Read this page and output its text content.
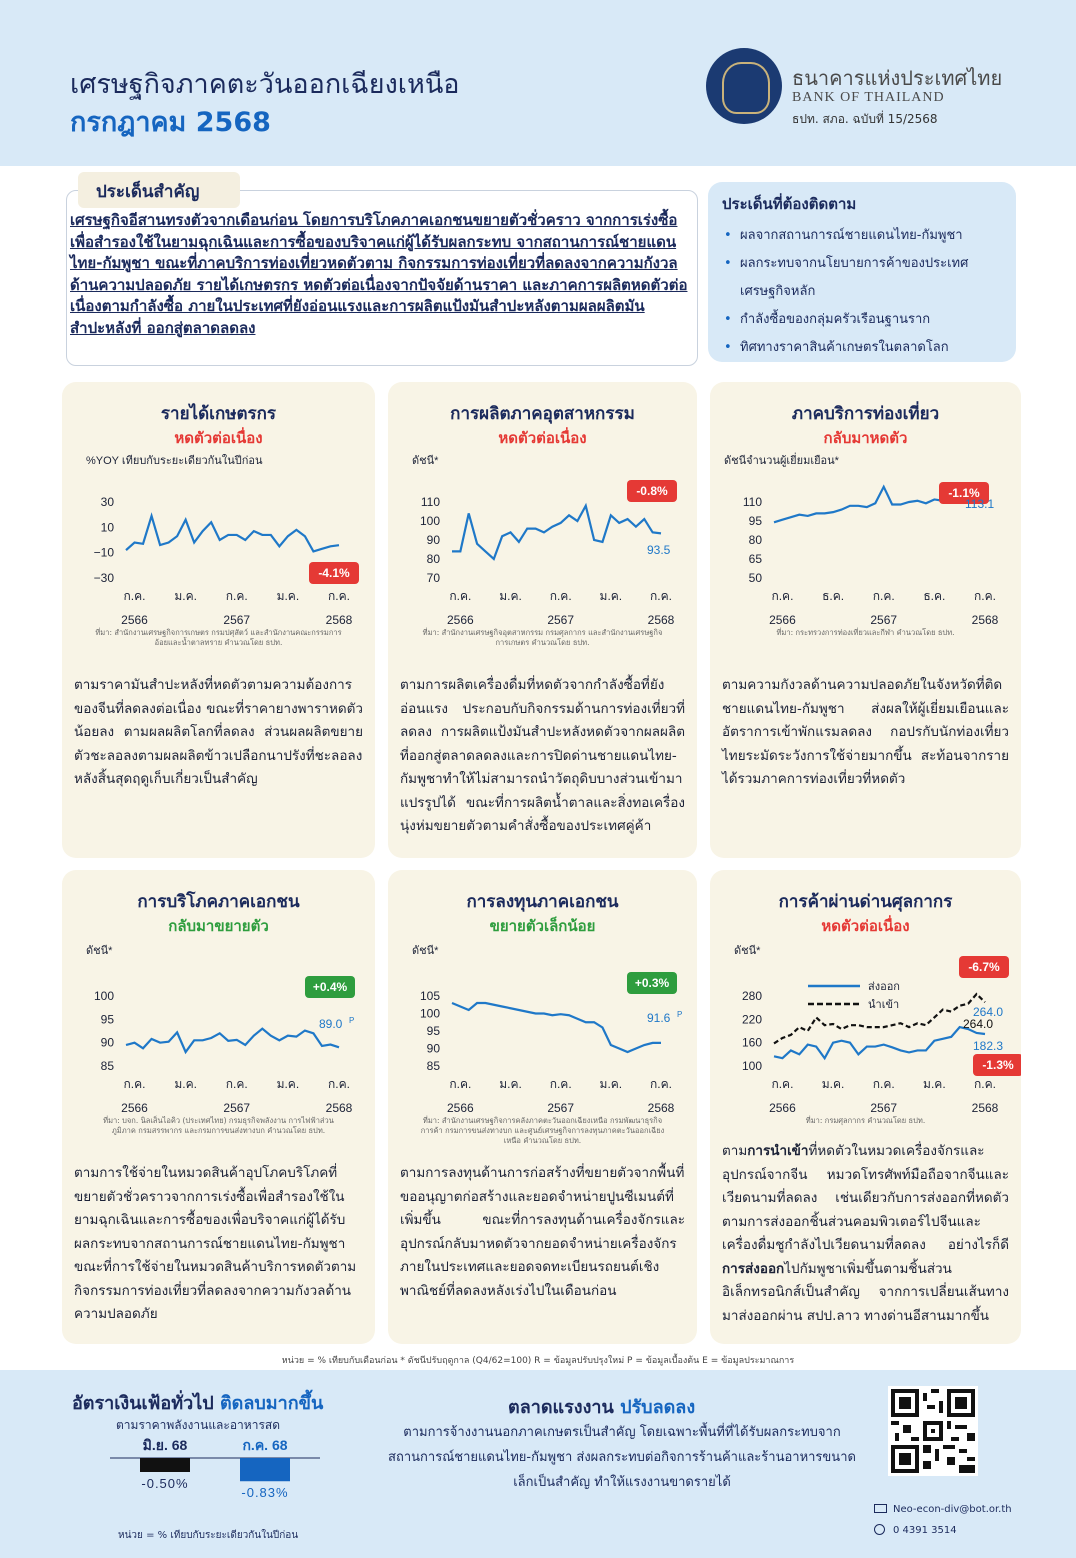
เศรษฐกิจภาคตะวันออกเฉียงเหนือ
กรกฎาคม 2568
ธนาคารแห่งประเทศไทย
BANK OF THAILAND
ธปท. สภอ. ฉบับที่ 15/2568
ประเด็นสำคัญ
เศรษฐกิจอีสานทรงตัวจากเดือนก่อน โดยการบริโภคภาคเอกชนขยายตัวชั่วคราว จากการเร่งซื้อเพื่อสำรองใช้ในยามฉุกเฉินและการซื้อของบริจาคแก่ผู้ได้รับผลกระทบ จากสถานการณ์ชายแดนไทย-กัมพูชา ขณะที่ภาคบริการท่องเที่ยวหดตัวตาม กิจกรรมการท่องเที่ยวที่ลดลงจากความกังวลด้านความปลอดภัย รายได้เกษตรกร หดตัวต่อเนื่องจากปัจจัยด้านราคา และภาคการผลิตหดตัวต่อเนื่องตามกำลังซื้อ ภายในประเทศที่ยังอ่อนแรงและการผลิตแป้งมันสำปะหลังตามผลผลิตมันสำปะหลังที่ ออกสู่ตลาดลดลง
ประเด็นที่ต้องติดตาม
• ผลจากสถานการณ์ชายแดนไทย-กัมพูชา
• ผลกระทบจากนโยบายการค้าของประเทศ
เศรษฐกิจหลัก
• กำลังซื้อของกลุ่มครัวเรือนฐานราก
• ทิศทางราคาสินค้าเกษตรในตลาดโลก
รายได้เกษตรกร
หดตัวต่อเนื่อง
%YOY เทียบกับระยะเดียวกันในปีก่อน
30
10
−10
−30
ก.ค. ม.ค. ก.ค. ม.ค. ก.ค.
2566	2567	2568
-4.1%
ที่มา: สำนักงานเศรษฐกิจการเกษตร กรมปศุสัตว์ และสำนักงานคณะกรรมการอ้อยและน้ำตาลทราย คำนวณโดย ธปท.
ตามราคามันสำปะหลังที่หดตัวตามความต้องการของจีนที่ลดลงต่อเนื่อง ขณะที่ราคายางพาราหดตัวน้อยลง ตามผลผลิตโลกที่ลดลง ส่วนผลผลิตขยายตัวชะลอลงตามผลผลิตข้าวเปลือกนาปรังที่ชะลอลง หลังสิ้นสุดฤดูเก็บเกี่ยวเป็นสำคัญ
การผลิตภาคอุตสาหกรรม
หดตัวต่อเนื่อง
ดัชนี*
110
100
90
80
70
ก.ค. ม.ค. ก.ค. ม.ค. ก.ค.
2566	2567	2568
-0.8%
93.5
ที่มา: สำนักงานเศรษฐกิจอุตสาหกรรม กรมศุลกากร และสำนักงานเศรษฐกิจการเกษตร คำนวณโดย ธปท.
ตามการผลิตเครื่องดื่มที่หดตัวจากกำลังซื้อที่ยังอ่อนแรง ประกอบกับกิจกรรมด้านการท่องเที่ยวที่ลดลง การผลิตแป้งมันสำปะหลังหดตัวจากผลผลิตที่ออกสู่ตลาดลดลงและการปิดด่านชายแดนไทย-กัมพูชาทำให้ไม่สามารถนำวัตถุดิบบางส่วนเข้ามาแปรรูปได้ ขณะที่การผลิตน้ำตาลและสิ่งทอเครื่องนุ่งห่มขยายตัวตามคำสั่งซื้อของประเทศคู่ค้า
ภาคบริการท่องเที่ยว
กลับมาหดตัว
ดัชนีจำนวนผู้เยี่ยมเยือน*
110
95
80
65
50
ก.ค. ธ.ค. ก.ค. ธ.ค. ก.ค.
2566	2567	2568
-1.1%
113.1
ที่มา: กระทรวงการท่องเที่ยวและกีฬา คำนวณโดย ธปท.
ตามความกังวลด้านความปลอดภัยในจังหวัดที่ติดชายแดนไทย-กัมพูชา ส่งผลให้ผู้เยี่ยมเยือนและอัตราการเข้าพักแรมลดลง กอปรกับนักท่องเที่ยวไทยระมัดระวังการใช้จ่ายมากขึ้น สะท้อนจากรายได้รวมภาคการท่องเที่ยวที่หดตัว
การบริโภคภาคเอกชน
กลับมาขยายตัว
ดัชนี*
100
95
90
85
ก.ค. ม.ค. ก.ค. ม.ค. ก.ค.
2566	2567	2568
+0.4%
89.0 P
ที่มา: บจก. นิลเส็นไอคิว (ประเทศไทย) กรมธุรกิจพลังงาน การไฟฟ้าส่วนภูมิภาค กรมสรรพากร และกรมการขนส่งทางบก คำนวณโดย ธปท.
ตามการใช้จ่ายในหมวดสินค้าอุปโภคบริโภคที่ขยายตัวชั่วคราวจากการเร่งซื้อเพื่อสำรองใช้ในยามฉุกเฉินและการซื้อของเพื่อบริจาคแก่ผู้ได้รับผลกระทบจากสถานการณ์ชายแดนไทย-กัมพูชา ขณะที่การใช้จ่ายในหมวดสินค้าบริการหดตัวตามกิจกรรมการท่องเที่ยวที่ลดลงจากความกังวลด้านความปลอดภัย
การลงทุนภาคเอกชน
ขยายตัวเล็กน้อย
ดัชนี*
105
100
95
90
85
ก.ค. ม.ค. ก.ค. ม.ค. ก.ค.
2566	2567	2568
+0.3%
91.6 P
ที่มา: สำนักงานเศรษฐกิจการคลังภาคตะวันออกเฉียงเหนือ กรมพัฒนาธุรกิจการค้า กรมการขนส่งทางบก และศูนย์เศรษฐกิจการลงทุนภาคตะวันออกเฉียงเหนือ คำนวณโดย ธปท.
ตามการลงทุนด้านการก่อสร้างที่ขยายตัวจากพื้นที่ขออนุญาตก่อสร้างและยอดจำหน่ายปูนซีเมนต์ที่เพิ่มขึ้น ขณะที่การลงทุนด้านเครื่องจักรและอุปกรณ์กลับมาหดตัวจากยอดจำหน่ายเครื่องจักรภายในประเทศและยอดจดทะเบียนรถยนต์เชิงพาณิชย์ที่ลดลงหลังเร่งไปในเดือนก่อน
การค้าผ่านด่านศุลกากร
หดตัวต่อเนื่อง
ดัชนี*
280
220
160
100
ก.ค. ม.ค. ก.ค. ม.ค. ก.ค.
2566	2567	2568
-6.7%
-1.3%
264.0
264.0
182.3
ส่งออก
นำเข้า
ที่มา: กรมศุลกากร คำนวณโดย ธปท.
ตามการนำเข้าที่หดตัวในหมวดเครื่องจักรและอุปกรณ์จากจีน หมวดโทรศัพท์มือถือจากจีนและเวียดนามที่ลดลง เช่นเดียวกับการส่งออกที่หดตัวตามการส่งออกชิ้นส่วนคอมพิวเตอร์ไปจีนและเครื่องดื่มชูกำลังไปเวียดนามที่ลดลง อย่างไรก็ดี การส่งออกไปกัมพูชาเพิ่มขึ้นตามชิ้นส่วนอิเล็กทรอนิกส์เป็นสำคัญ จากการเปลี่ยนเส้นทางมาส่งออกผ่าน สปป.ลาว ทางด่านอีสานมากขึ้น
หน่วย = % เทียบกับเดือนก่อน * ดัชนีปรับฤดูกาล (Q4/62=100) R = ข้อมูลปรับปรุงใหม่ P = ข้อมูลเบื้องต้น E = ข้อมูลประมาณการ
อัตราเงินเฟ้อทั่วไป ติดลบมากขึ้น
ตามราคาพลังงานและอาหารสด
มิ.ย. 68
-0.50%
ก.ค. 68
-0.83%
หน่วย = % เทียบกับระยะเดียวกันในปีก่อน
ตลาดแรงงาน ปรับลดลง
ตามการจ้างงานนอกภาคเกษตรเป็นสำคัญ โดยเฉพาะพื้นที่ที่ได้รับผลกระทบจากสถานการณ์ชายแดนไทย-กัมพูชา ส่งผลกระทบต่อกิจการร้านค้าและร้านอาหารขนาดเล็กเป็นสำคัญ ทำให้แรงงานขาดรายได้
Neo-econ-div@bot.or.th
0 4391 3514
